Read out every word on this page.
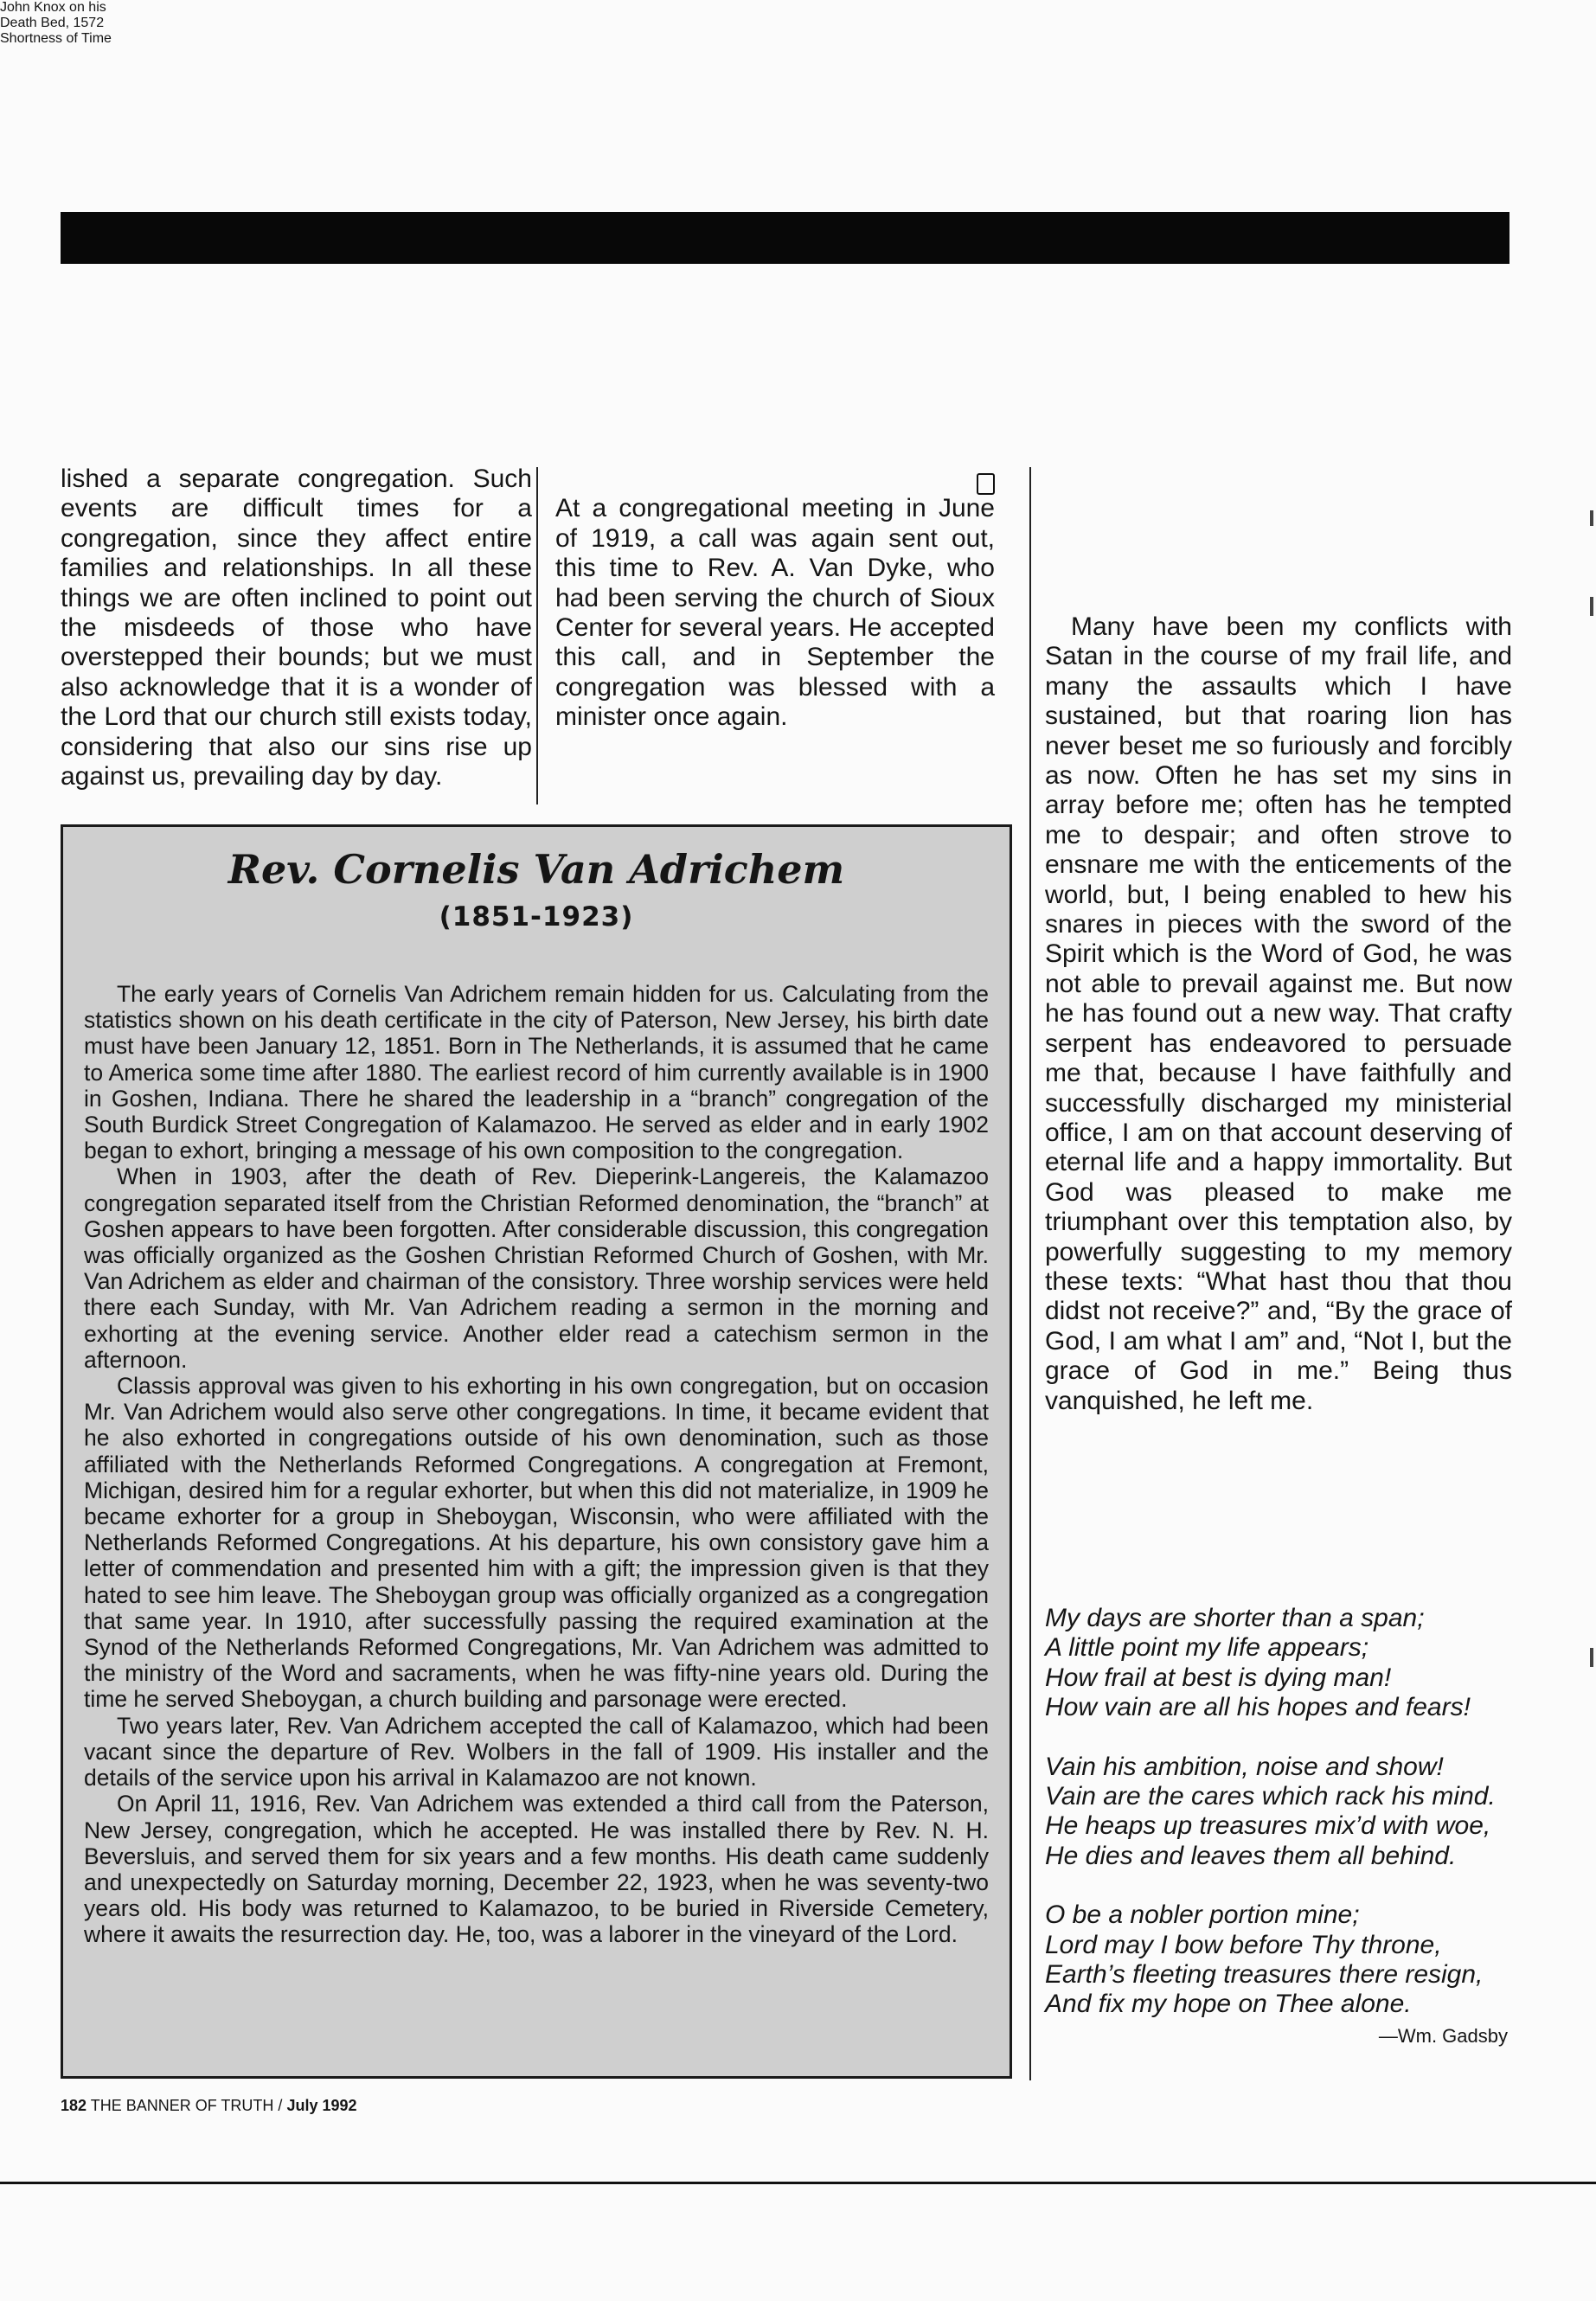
lished a separate congregation. Such events are difficult times for a congregation, since they affect entire families and relationships. In all these things we are often inclined to point out the misdeeds of those who have overstepped their bounds; but we must also acknowledge that it is a wonder of the Lord that our church still exists today, considering that also our sins rise up against us, prevailing day by day.

At a congregational meeting in June of 1919, a call was again sent out, this time to Rev. A. Van Dyke, who had been serving the church of Sioux Center for several years. He accepted this call, and in September the congregation was blessed with a minister once again.

Rev. Cornelis Van Adrichem
(1851-1923)

The early years of Cornelis Van Adrichem remain hidden for us. Calculating from the statistics shown on his death certificate in the city of Paterson, New Jersey, his birth date must have been January 12, 1851. Born in The Netherlands, it is assumed that he came to America some time after 1880. The earliest record of him currently available is in 1900 in Goshen, Indiana. There he shared the leadership in a “branch” congregation of the South Burdick Street Congregation of Kalamazoo. He served as elder and in early 1902 began to exhort, bringing a message of his own composition to the congregation.

When in 1903, after the death of Rev. Dieperink-Langereis, the Kalamazoo congregation separated itself from the Christian Reformed denomination, the “branch” at Goshen appears to have been forgotten. After considerable discussion, this congregation was officially organized as the Goshen Christian Reformed Church of Goshen, with Mr. Van Adrichem as elder and chairman of the consistory. Three worship services were held there each Sunday, with Mr. Van Adrichem reading a sermon in the morning and exhorting at the evening service. Another elder read a catechism sermon in the afternoon.

Classis approval was given to his exhorting in his own congregation, but on occasion Mr. Van Adrichem would also serve other congregations. In time, it became evident that he also exhorted in congregations outside of his own denomination, such as those affiliated with the Netherlands Reformed Congregations. A congregation at Fremont, Michigan, desired him for a regular exhorter, but when this did not materialize, in 1909 he became exhorter for a group in Sheboygan, Wisconsin, who were affiliated with the Netherlands Reformed Congregations. At his departure, his own consistory gave him a letter of commendation and presented him with a gift; the impression given is that they hated to see him leave. The Sheboygan group was officially organized as a congregation that same year. In 1910, after successfully passing the required examination at the Synod of the Netherlands Reformed Congregations, Mr. Van Adrichem was admitted to the ministry of the Word and sacraments, when he was fifty-nine years old. During the time he served Sheboygan, a church building and parsonage were erected.

Two years later, Rev. Van Adrichem accepted the call of Kalamazoo, which had been vacant since the departure of Rev. Wolbers in the fall of 1909. His installer and the details of the service upon his arrival in Kalamazoo are not known.

On April 11, 1916, Rev. Van Adrichem was extended a third call from the Paterson, New Jersey, congregation, which he accepted. He was installed there by Rev. N. H. Beversluis, and served them for six years and a few months. His death came suddenly and unexpectedly on Saturday morning, December 22, 1923, when he was seventy-two years old. His body was returned to Kalamazoo, to be buried in Riverside Cemetery, where it awaits the resurrection day. He, too, was a laborer in the vineyard of the Lord.

182 THE BANNER OF TRUTH / July 1992
John Knox on his
Death Bed, 1572

Many have been my conflicts with Satan in the course of my frail life, and many the assaults which I have sustained, but that roaring lion has never beset me so furiously and forcibly as now. Often he has set my sins in array before me; often has he tempted me to despair; and often strove to ensnare me with the enticements of the world, but, I being enabled to hew his snares in pieces with the sword of the Spirit which is the Word of God, he was not able to prevail against me. But now he has found out a new way. That crafty serpent has endeavored to persuade me that, because I have faithfully and successfully discharged my ministerial office, I am on that account deserving of eternal life and a happy immortality. But God was pleased to make me triumphant over this temptation also, by powerfully suggesting to my memory these texts: “What hast thou that thou didst not receive?” and, “By the grace of God, I am what I am” and, “Not I, but the grace of God in me.” Being thus vanquished, he left me.

Shortness of Time
My days are shorter than a span;
A little point my life appears;
How frail at best is dying man!
How vain are all his hopes and fears!
Vain his ambition, noise and show!
Vain are the cares which rack his mind.
He heaps up treasures mix’d with woe,
He dies and leaves them all behind.
O be a nobler portion mine;
Lord may I bow before Thy throne,
Earth’s fleeting treasures there resign,
And fix my hope on Thee alone.
—Wm. Gadsby
